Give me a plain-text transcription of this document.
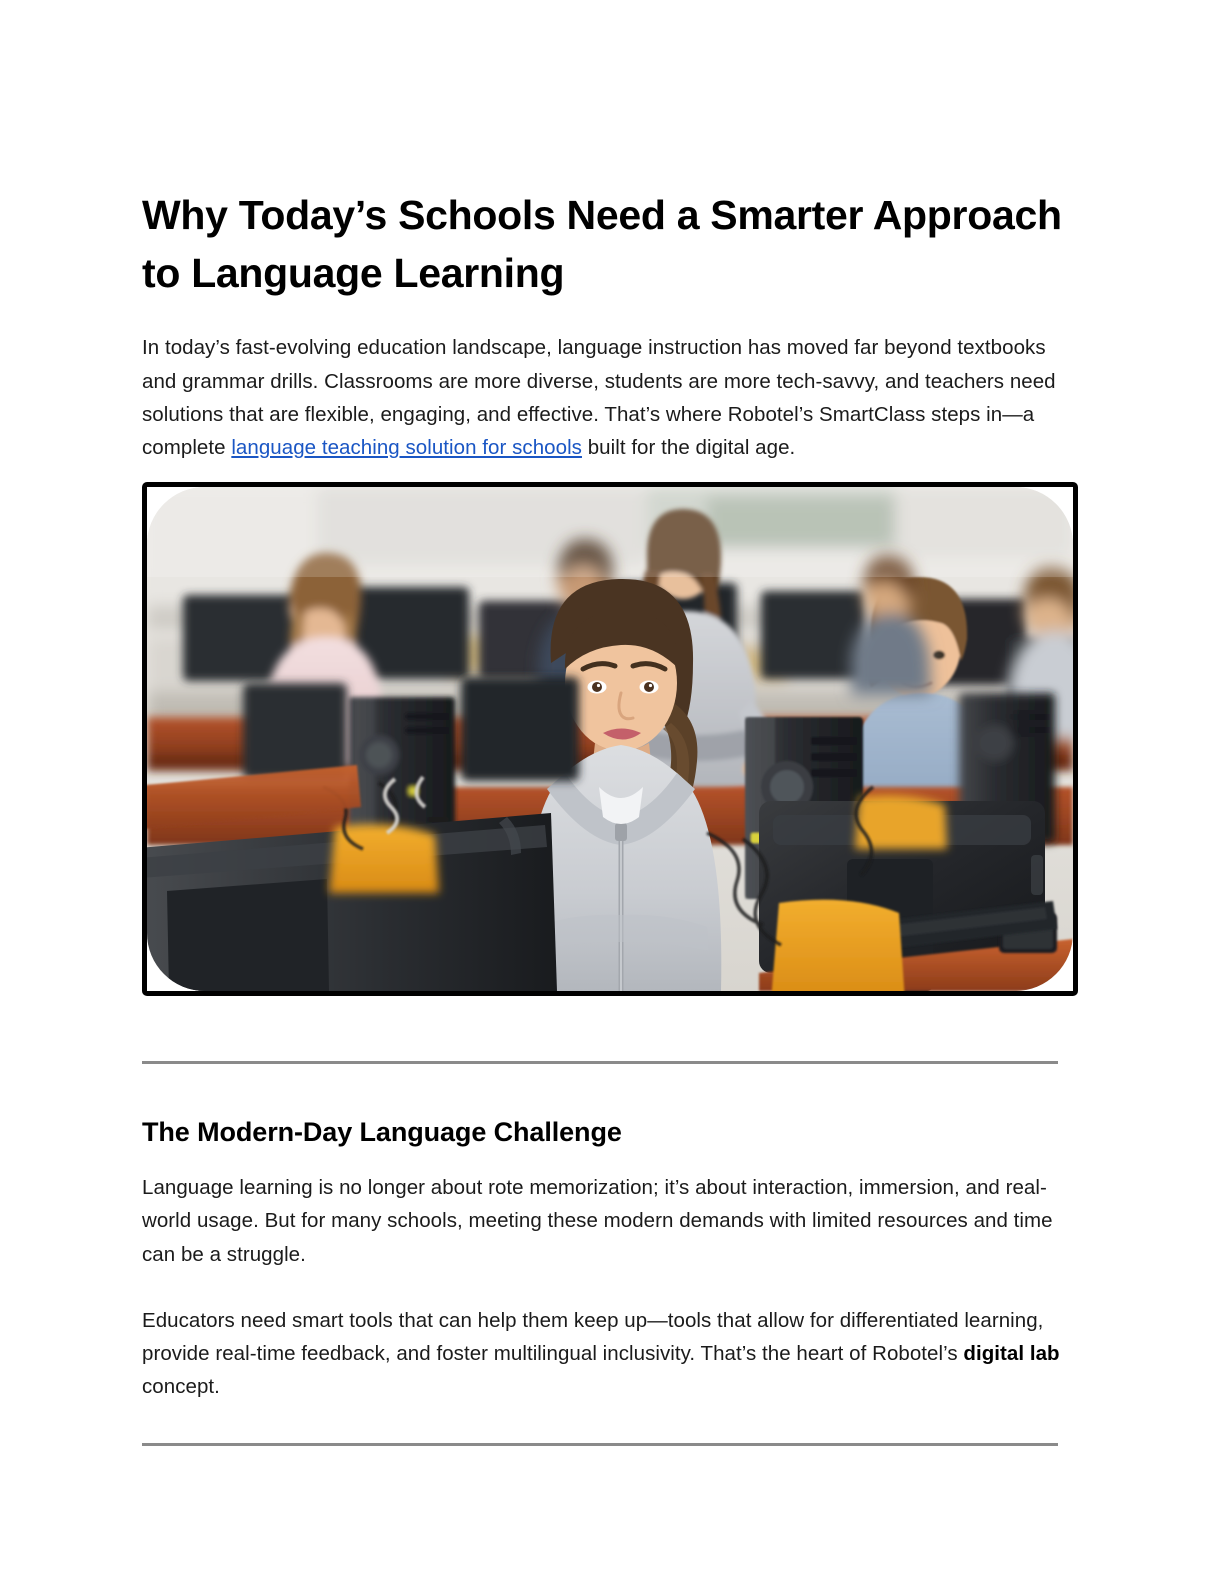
Why Today’s Schools Need a Smarter Approach to Language Learning

In today’s fast-evolving education landscape, language instruction has moved far beyond textbooks and grammar drills. Classrooms are more diverse, students are more tech-savvy, and teachers need solutions that are flexible, engaging, and effective. That’s where Robotel’s SmartClass steps in—a complete language teaching solution for schools built for the digital age.

The Modern-Day Language Challenge

Language learning is no longer about rote memorization; it’s about interaction, immersion, and real-world usage. But for many schools, meeting these modern demands with limited resources and time can be a struggle.

Educators need smart tools that can help them keep up—tools that allow for differentiated learning, provide real-time feedback, and foster multilingual inclusivity. That’s the heart of Robotel’s digital lab concept.
